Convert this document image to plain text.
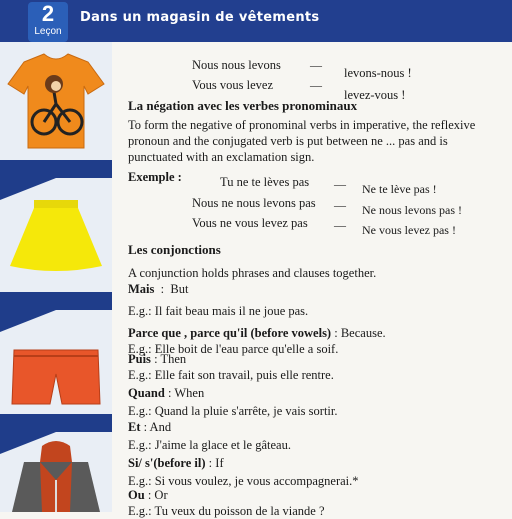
2
Leçon
Dans un magasin de vêtements
Nous nous levons —
levons-nous !
Vous vous levez	—
levez-vous !
La négation avec les verbes pronominaux
To form the negative of pronominal verbs in imperative, the reflexive
pronoun and the conjugated verb is put between ne ... pas and is
punctuated with an exclamation sign.
Exemple :	Tu ne te lèves pas — Ne te lève pas !
Nous ne nous levons pas — Ne nous levons pas !
Vous ne vous levez pas — Ne vous levez pas !
Les conjonctions
A conjunction holds phrases and clauses together.
Mais  :  But
E.g.: Il fait beau mais il ne joue pas.
Parce que , parce qu'il (before vowels) : Because.
E.g.: Elle boit de l'eau parce qu'elle a soif.
Puis : Then
E.g.: Elle fait son travail, puis elle rentre.
Quand : When
E.g.: Quand la pluie s'arrête, je vais sortir.
Et : And
E.g.: J'aime la glace et le gâteau.
Si/ s'(before il) : If
E.g.: Si vous voulez, je vous accompagnerai.*
Ou : Or
E.g.: Tu veux du poisson de la viande ?
